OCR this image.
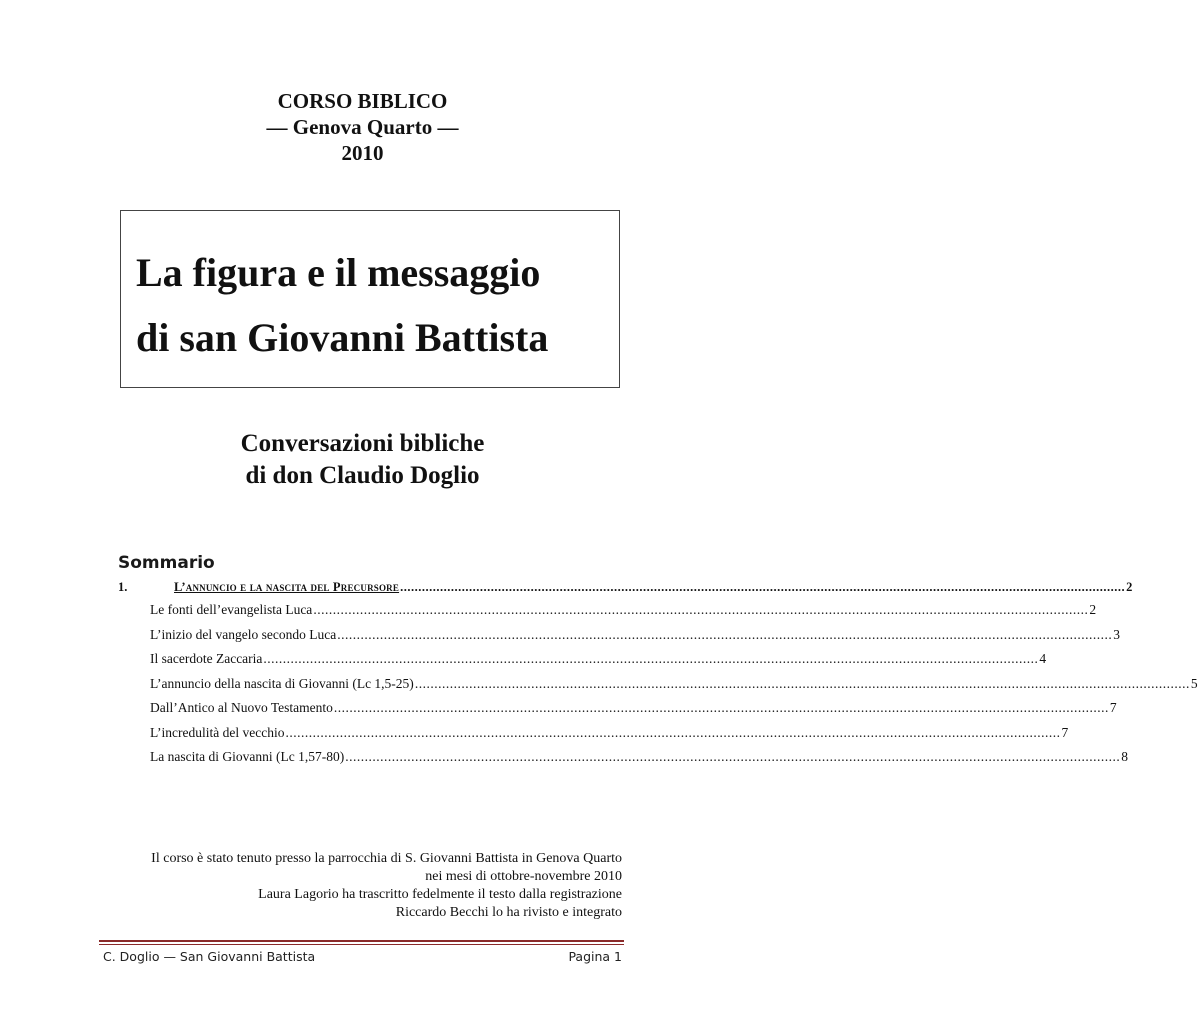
CORSO BIBLICO
— Genova Quarto —
2010
La figura e il messaggio
di san Giovanni Battista
Conversazioni bibliche
di don Claudio Doglio
Sommario
1.	L’annuncio e la nascita del Precursore ........................................................................................................................................................................................................ 2
Le fonti dell’evangelista Luca ........................................................................................................................................................................................................ 2
L’inizio del vangelo secondo Luca ........................................................................................................................................................................................................ 3
Il sacerdote Zaccaria ........................................................................................................................................................................................................ 4
L’annuncio della nascita di Giovanni (Lc 1,5-25) ........................................................................................................................................................................................................ 5
Dall’Antico al Nuovo Testamento ........................................................................................................................................................................................................ 7
L’incredulità del vecchio ........................................................................................................................................................................................................ 7
La nascita di Giovanni (Lc 1,57-80) ........................................................................................................................................................................................................ 8
Il corso è stato tenuto presso la parrocchia di S. Giovanni Battista in Genova Quarto
nei mesi di ottobre-novembre 2010
Laura Lagorio ha trascritto fedelmente il testo dalla registrazione
Riccardo Becchi lo ha rivisto e integrato
C. Doglio — San Giovanni Battista	Pagina 1
